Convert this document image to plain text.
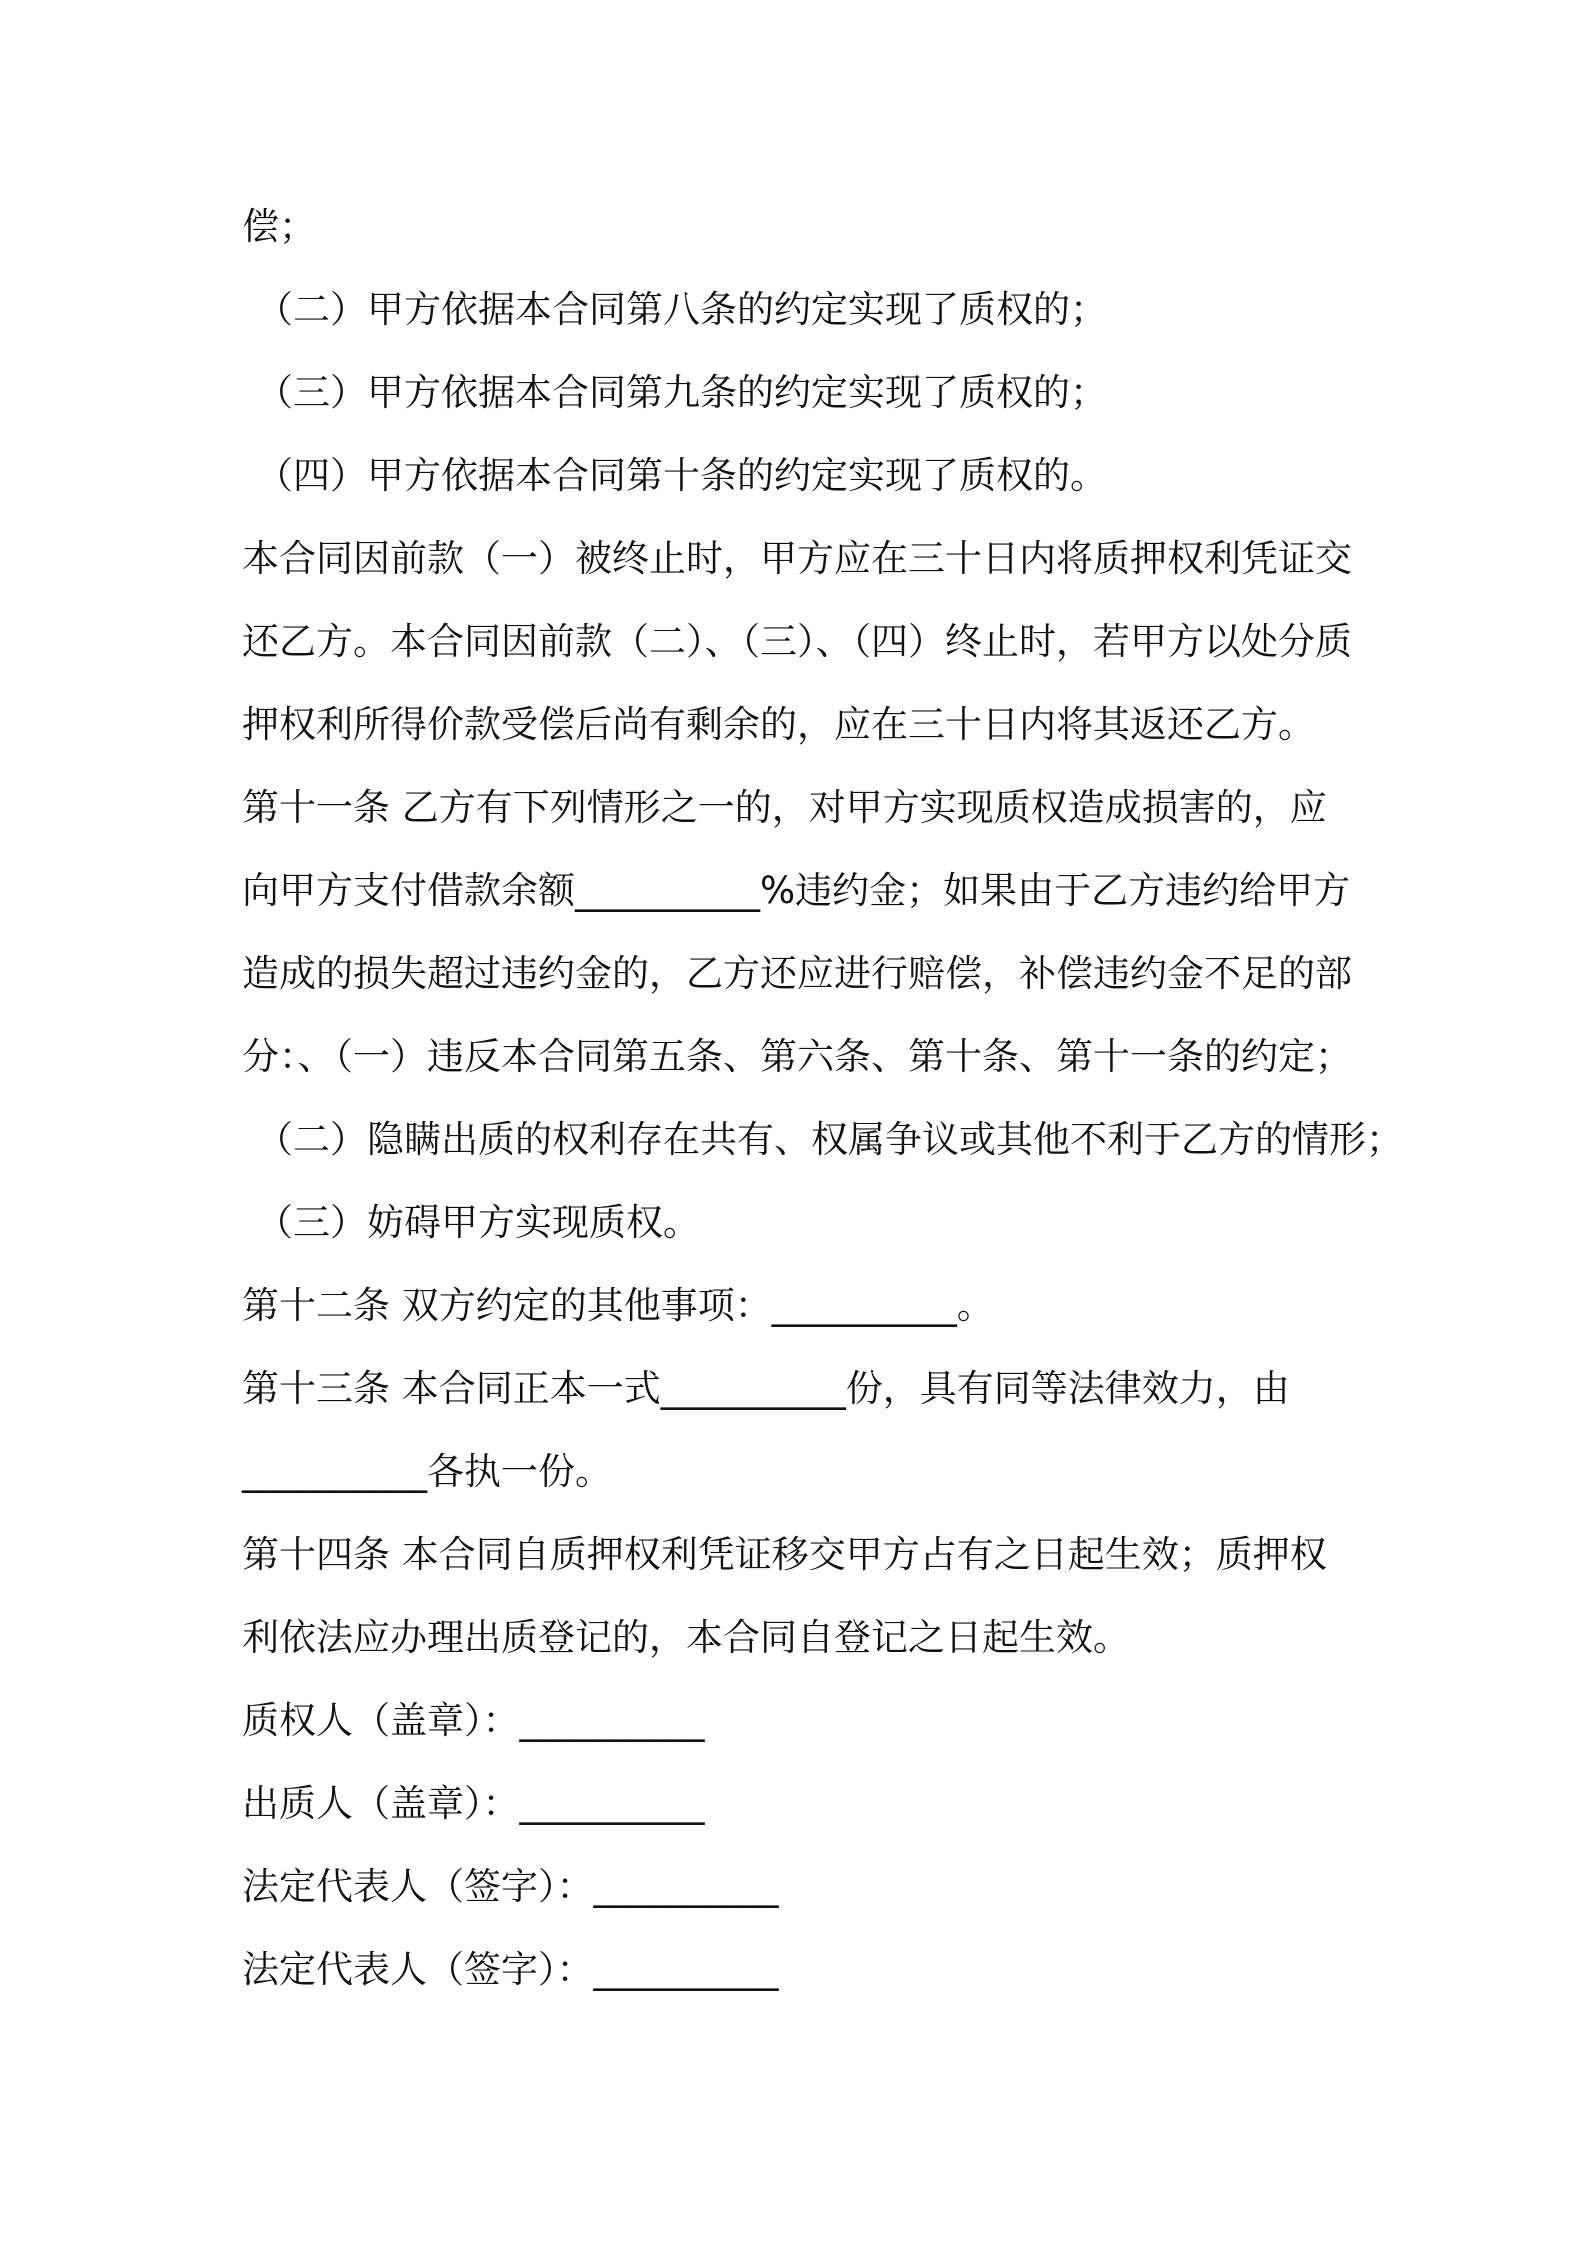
偿；
（二）甲方依据本合同第八条的约定实现了质权的；
（三）甲方依据本合同第九条的约定实现了质权的；
（四）甲方依据本合同第十条的约定实现了质权的。
本合同因前款（一）被终止时，甲方应在三十日内将质押权利凭证交
还乙方。本合同因前款（二）、（三）、（四）终止时，若甲方以处分质
押权利所得价款受偿后尚有剩余的，应在三十日内将其返还乙方。
第十一条 乙方有下列情形之一的，对甲方实现质权造成损害的，应
向甲方支付借款余额__________%违约金；如果由于乙方违约给甲方
造成的损失超过违约金的，乙方还应进行赔偿，补偿违约金不足的部
分：、（一）违反本合同第五条、第六条、第十条、第十一条的约定；
（二）隐瞒出质的权利存在共有、权属争议或其他不利于乙方的情形；
（三）妨碍甲方实现质权。
第十二条 双方约定的其他事项：__________。
第十三条 本合同正本一式__________份，具有同等法律效力，由
__________各执一份。
第十四条 本合同自质押权利凭证移交甲方占有之日起生效；质押权
利依法应办理出质登记的，本合同自登记之日起生效。
质权人（盖章）：__________
出质人（盖章）：__________
法定代表人（签字）：__________
法定代表人（签字）：__________
